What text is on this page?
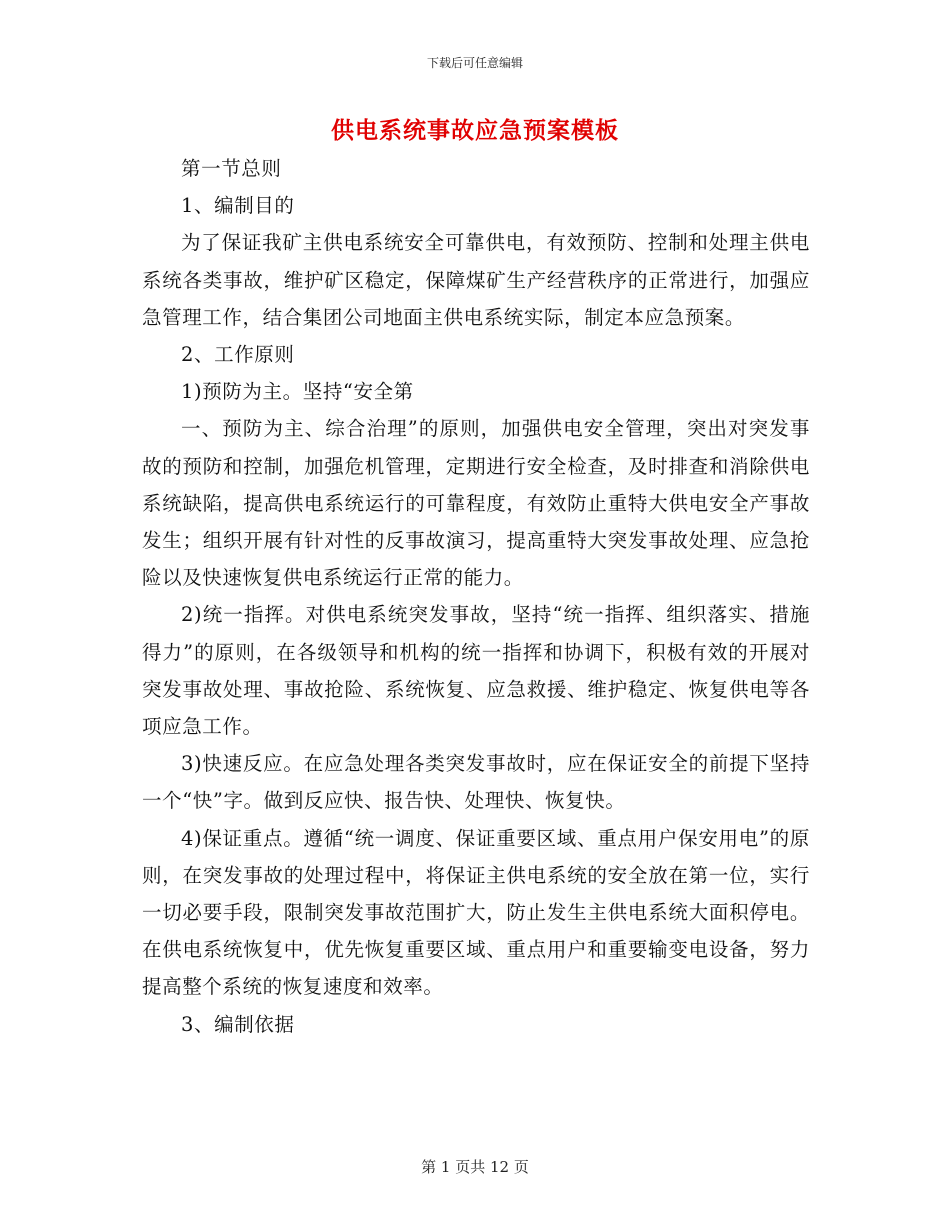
下载后可任意编辑
供电系统事故应急预案模板

第一节总则

1、编制目的

为了保证我矿主供电系统安全可靠供电，有效预防、控制和处理主供电系统各类事故，维护矿区稳定，保障煤矿生产经营秩序的正常进行，加强应急管理工作，结合集团公司地面主供电系统实际，制定本应急预案。

2、工作原则

1)预防为主。坚持“安全第

一、预防为主、综合治理”的原则，加强供电安全管理，突出对突发事故的预防和控制，加强危机管理，定期进行安全检查，及时排查和消除供电系统缺陷，提高供电系统运行的可靠程度，有效防止重特大供电安全产事故发生；组织开展有针对性的反事故演习，提高重特大突发事故处理、应急抢险以及快速恢复供电系统运行正常的能力。

2)统一指挥。对供电系统突发事故，坚持“统一指挥、组织落实、措施得力”的原则，在各级领导和机构的统一指挥和协调下，积极有效的开展对突发事故处理、事故抢险、系统恢复、应急救援、维护稳定、恢复供电等各项应急工作。

3)快速反应。在应急处理各类突发事故时，应在保证安全的前提下坚持一个“快”字。做到反应快、报告快、处理快、恢复快。

4)保证重点。遵循“统一调度、保证重要区域、重点用户保安用电”的原则，在突发事故的处理过程中，将保证主供电系统的安全放在第一位，实行一切必要手段，限制突发事故范围扩大，防止发生主供电系统大面积停电。在供电系统恢复中，优先恢复重要区域、重点用户和重要输变电设备，努力提高整个系统的恢复速度和效率。

3、编制依据

第 1 页共 12 页
